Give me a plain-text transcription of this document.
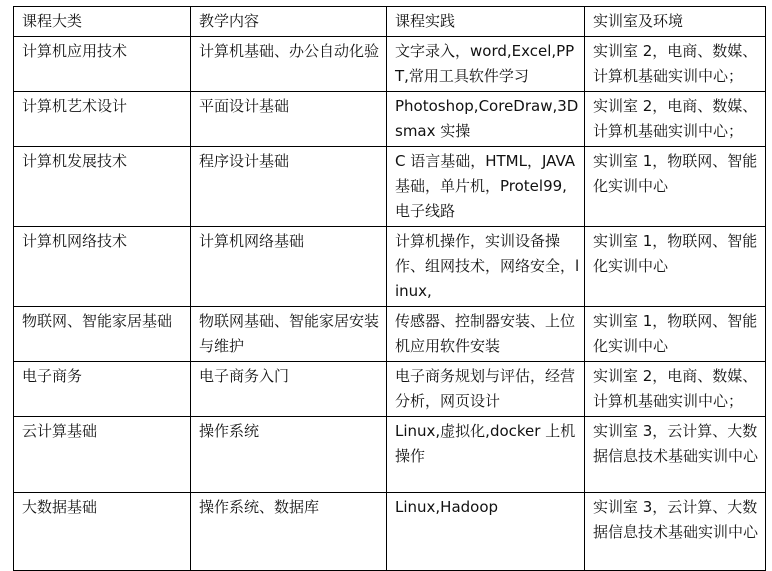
课程大类	教学内容	课程实践	实训室及环境
计算机应用技术	计算机基础、办公自动化验	文字录入，word,Excel,PPT,常用工具软件学习	实训室 2，电商、数媒、计算机基础实训中心；
计算机艺术设计	平面设计基础	Photoshop,CoreDraw,3Dsmax 实操	实训室 2，电商、数媒、计算机基础实训中心；
计算机发展技术	程序设计基础	C 语言基础，HTML，JAVA 基础，单片机，Protel99,电子线路	实训室 1，物联网、智能化实训中心
计算机网络技术	计算机网络基础	计算机操作，实训设备操作、组网技术，网络安全，linux,	实训室 1，物联网、智能化实训中心
物联网、智能家居基础	物联网基础、智能家居安装与维护	传感器、控制器安装、上位机应用软件安装	实训室 1，物联网、智能化实训中心
电子商务	电子商务入门	电子商务规划与评估，经营分析，网页设计	实训室 2，电商、数媒、计算机基础实训中心；
云计算基础	操作系统	Linux,虚拟化,docker 上机操作	实训室 3，云计算、大数据信息技术基础实训中心
大数据基础	操作系统、数据库	Linux,Hadoop	实训室 3，云计算、大数据信息技术基础实训中心
